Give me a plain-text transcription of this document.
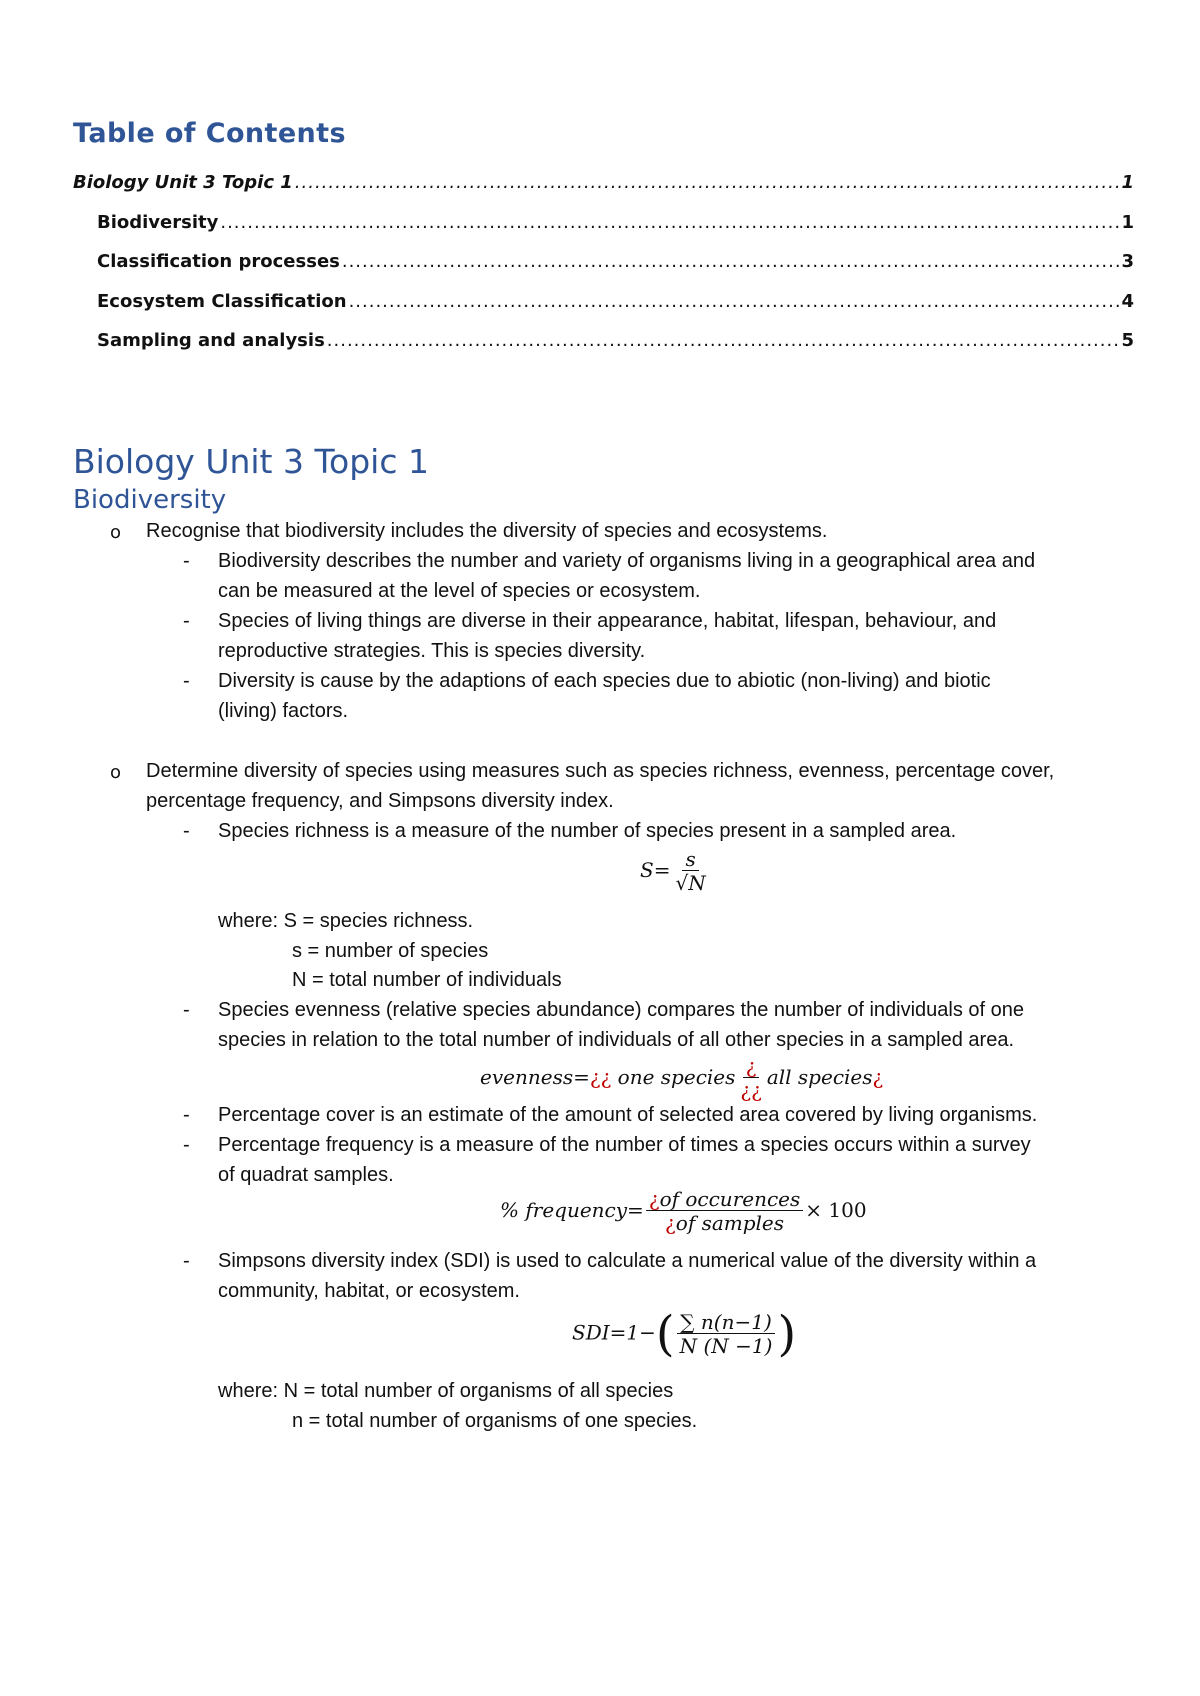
Table of Contents
Biology Unit 3 Topic 1 .....	1
Biodiversity .....	1
Classification processes .....	3
Ecosystem Classification .....	4
Sampling and analysis .....	5
Biology Unit 3 Topic 1
Biodiversity
o Recognise that biodiversity includes the diversity of species and ecosystems.
- Biodiversity describes the number and variety of organisms living in a geographical area and
can be measured at the level of species or ecosystem.
- Species of living things are diverse in their appearance, habitat, lifespan, behaviour, and
reproductive strategies. This is species diversity.
- Diversity is cause by the adaptions of each species due to abiotic (non-living) and biotic
(living) factors.
o Determine diversity of species using measures such as species richness, evenness, percentage cover,
percentage frequency, and Simpsons diversity index.
- Species richness is a measure of the number of species present in a sampled area.
$S= \frac{s}{√N}$
where: S = species richness.
s = number of species
N = total number of individuals
- Species evenness (relative species abundance) compares the number of individuals of one
species in relation to the total number of individuals of all other species in a sampled area.
evenness=¿¿ one species $\frac{¿}{¿¿}$ all species¿
- Percentage cover is an estimate of the amount of selected area covered by living organisms.
- Percentage frequency is a measure of the number of times a species occurs within a survey
of quadrat samples.
% frequency= $\frac{\text{¿of occurences}}{\text{¿of samples}} \times 100$
- Simpsons diversity index (SDI) is used to calculate a numerical value of the diversity within a
community, habitat, or ecosystem.
$SDI=1-( \frac{\sum n(n-1)}{N (N -1)}$ )
where: N = total number of organisms of all species
n = total number of organisms of one species.
